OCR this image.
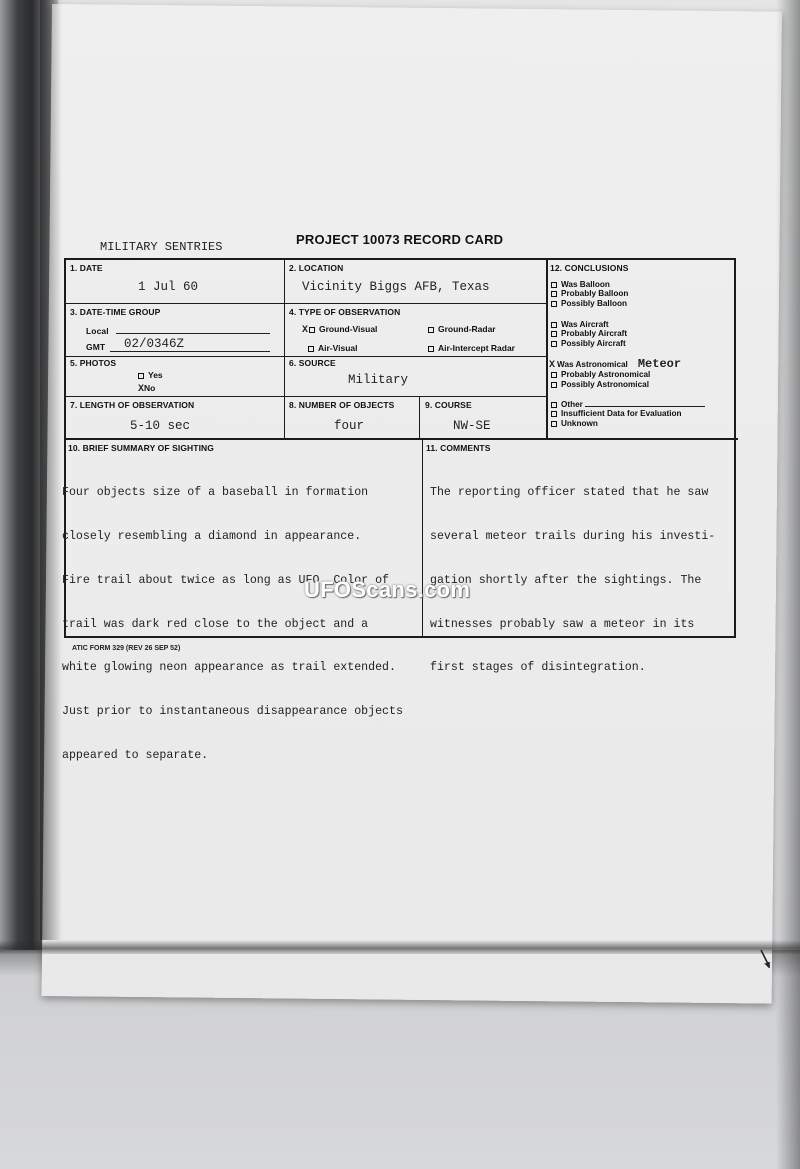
PROJECT 10073 RECORD CARD
MILITARY SENTRIES
1. DATE
1 Jul 60
2. LOCATION
Vicinity Biggs AFB, Texas
3. DATE-TIME GROUP
Local
GMT 02/0346Z
4. TYPE OF OBSERVATION
X Ground-Visual	Ground-Radar
Air-Visual	Air-Intercept Radar
5. PHOTOS
Yes
XNo
6. SOURCE
Military
7. LENGTH OF OBSERVATION
5-10 sec
8. NUMBER OF OBJECTS
four
9. COURSE
NW-SE
12. CONCLUSIONS
Was Balloon
Probably Balloon
Possibly Balloon
Was Aircraft
Probably Aircraft
Possibly Aircraft
X Was Astronomical Meteor
Probably Astronomical
Possibly Astronomical
Other
Insufficient Data for Evaluation
Unknown
10. BRIEF SUMMARY OF SIGHTING

Four objects size of a baseball in formation

closely resembling a diamond in appearance.

Fire trail about twice as long as UFO. Color of

trail was dark red close to the object and a

white glowing neon appearance as trail extended.

Just prior to instantaneous disappearance objects

appeared to separate.

11. COMMENTS

The reporting officer stated that he saw

several meteor trails during his investi-

gation shortly after the sightings. The

witnesses probably saw a meteor in its

first stages of disintegration.

ATIC FORM 329 (REV 26 SEP 52)
UFOScans.com
